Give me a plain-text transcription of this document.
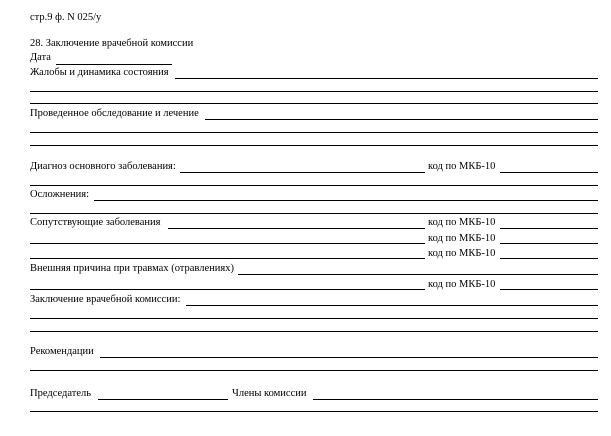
стр.9 ф. N 025/у
28. Заключение врачебной комиссии
Дата
Жалобы и динамика состояния
Проведенное обследование и лечение
Диагноз основного заболевания:	код по МКБ-10
Осложнения:
Сопутствующие заболевания	код по МКБ-10
код по МКБ-10
код по МКБ-10
Внешняя причина при травмах (отравлениях)
код по МКБ-10
Заключение врачебной комиссии:
Рекомендации
Председатель	Члены комиссии
